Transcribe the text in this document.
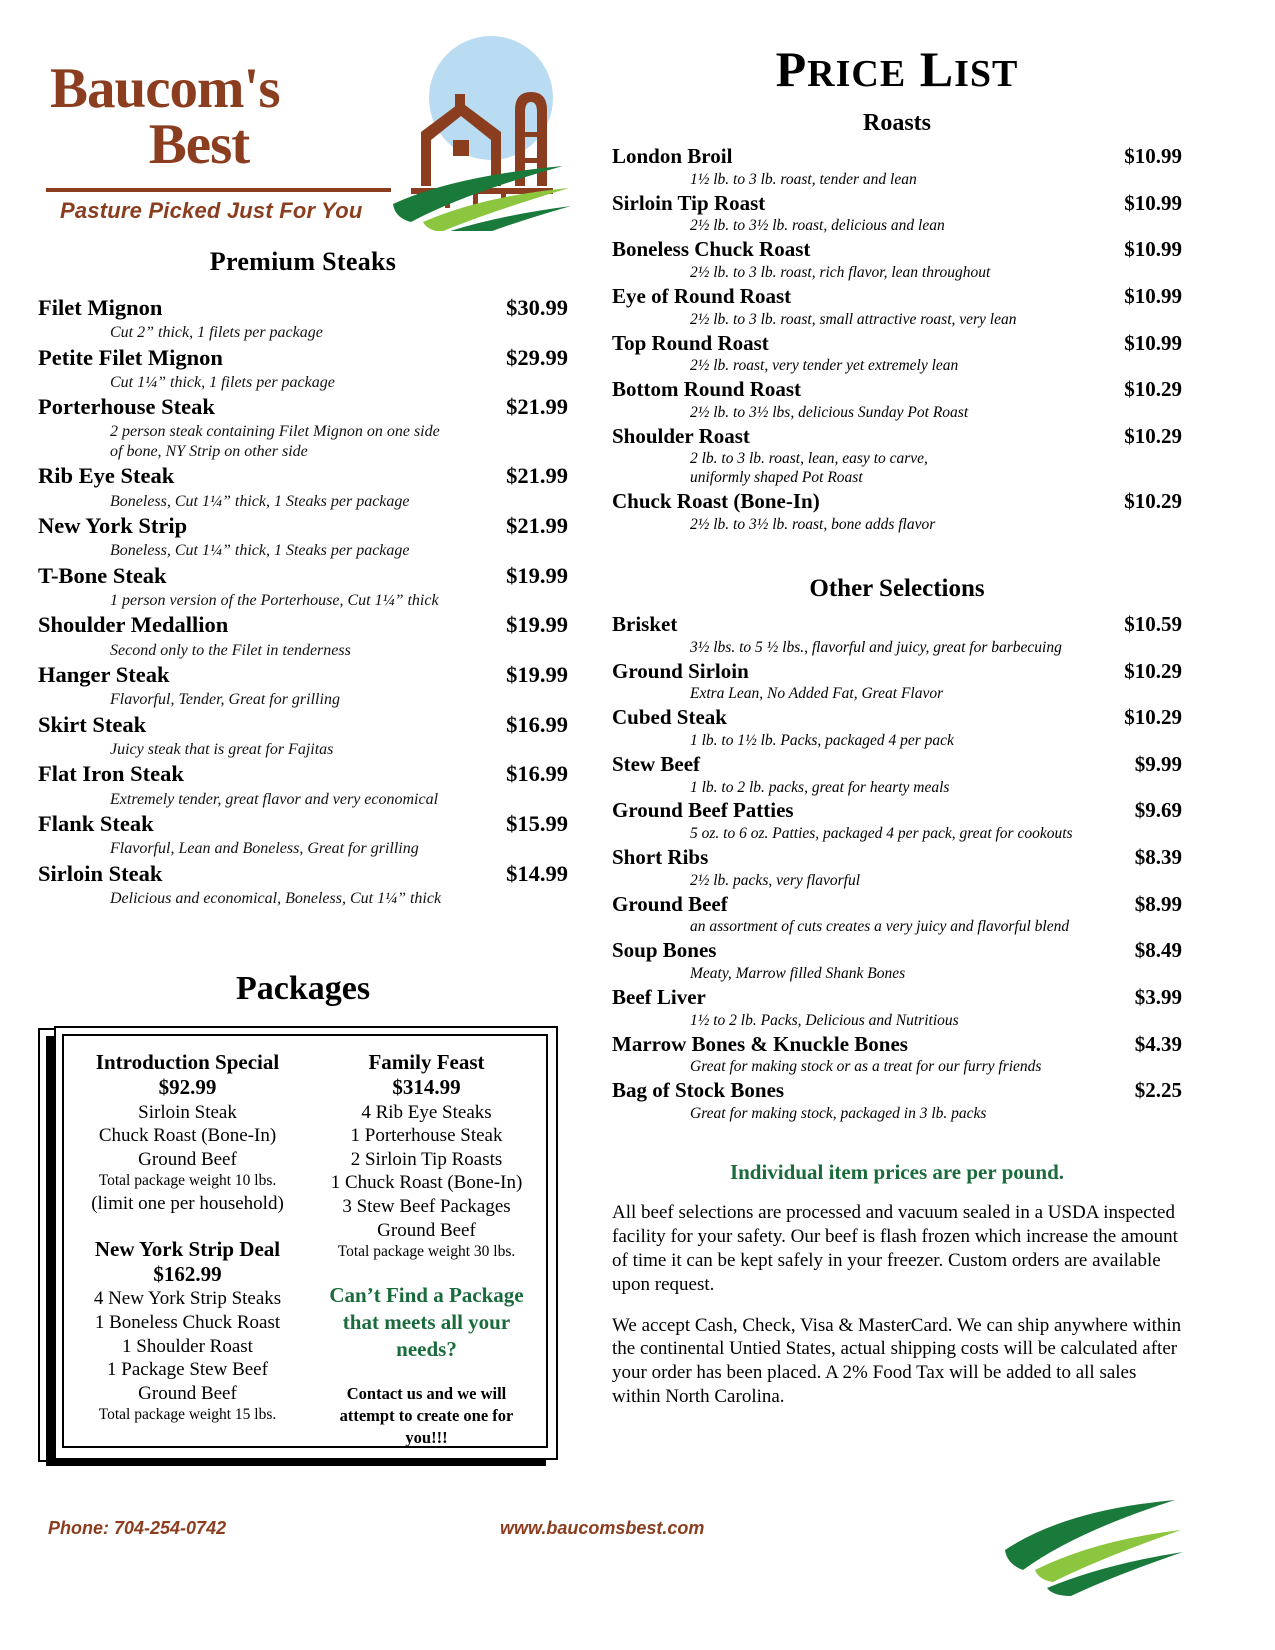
Baucom's
Best
Pasture Picked Just For You
Premium Steaks
Filet Mignon	$30.99
Cut 2” thick, 1 filets per package
Petite Filet Mignon	$29.99
Cut 1¼” thick, 1 filets per package
Porterhouse Steak	$21.99
2 person steak containing Filet Mignon on one side
of bone, NY Strip on other side
Rib Eye Steak	$21.99
Boneless, Cut 1¼” thick, 1 Steaks per package
New York Strip	$21.99
Boneless, Cut 1¼” thick, 1 Steaks per package
T-Bone Steak	$19.99
1 person version of the Porterhouse, Cut 1¼” thick
Shoulder Medallion	$19.99
Second only to the Filet in tenderness
Hanger Steak	$19.99
Flavorful, Tender, Great for grilling
Skirt Steak	$16.99
Juicy steak that is great for Fajitas
Flat Iron Steak	$16.99
Extremely tender, great flavor and very economical
Flank Steak	$15.99
Flavorful, Lean and Boneless, Great for grilling
Sirloin Steak	$14.99
Delicious and economical, Boneless, Cut 1¼” thick
Packages
Introduction Special
$92.99
Sirloin Steak
Chuck Roast (Bone-In)
Ground Beef
Total package weight 10 lbs.
(limit one per household)
New York Strip Deal
$162.99
4 New York Strip Steaks
1 Boneless Chuck Roast
1 Shoulder Roast
1 Package Stew Beef
Ground Beef
Total package weight 15 lbs.
Family Feast
$314.99
4 Rib Eye Steaks
1 Porterhouse Steak
2 Sirloin Tip Roasts
1 Chuck Roast (Bone-In)
3 Stew Beef Packages
Ground Beef
Total package weight 30 lbs.
Can’t Find a Package
that meets all your
needs?
Contact us and we will
attempt to create one for
you!!!
PRICE LIST
Roasts
London Broil	$10.99
1½ lb. to 3 lb. roast, tender and lean
Sirloin Tip Roast	$10.99
2½ lb. to 3½ lb. roast, delicious and lean
Boneless Chuck Roast	$10.99
2½ lb. to 3 lb. roast, rich flavor, lean throughout
Eye of Round Roast	$10.99
2½ lb. to 3 lb. roast, small attractive roast, very lean
Top Round Roast	$10.99
2½ lb. roast, very tender yet extremely lean
Bottom Round Roast	$10.29
2½ lb. to 3½ lbs, delicious Sunday Pot Roast
Shoulder Roast	$10.29
2 lb. to 3 lb. roast, lean, easy to carve,
uniformly shaped Pot Roast
Chuck Roast (Bone-In)	$10.29
2½ lb. to 3½ lb. roast, bone adds flavor
Other Selections
Brisket	$10.59
3½ lbs. to 5 ½ lbs., flavorful and juicy, great for barbecuing
Ground Sirloin	$10.29
Extra Lean, No Added Fat, Great Flavor
Cubed Steak	$10.29
1 lb. to 1½ lb. Packs, packaged 4 per pack
Stew Beef	$9.99
1 lb. to 2 lb. packs, great for hearty meals
Ground Beef Patties	$9.69
5 oz. to 6 oz. Patties, packaged 4 per pack, great for cookouts
Short Ribs	$8.39
2½ lb. packs, very flavorful
Ground Beef	$8.99
an assortment of cuts creates a very juicy and flavorful blend
Soup Bones	$8.49
Meaty, Marrow filled Shank Bones
Beef Liver	$3.99
1½ to 2 lb. Packs, Delicious and Nutritious
Marrow Bones & Knuckle Bones	$4.39
Great for making stock or as a treat for our furry friends
Bag of Stock Bones	$2.25
Great for making stock, packaged in 3 lb. packs
Individual item prices are per pound.
All beef selections are processed and vacuum sealed in a USDA inspected facility for your safety. Our beef is flash frozen which increase the amount of time it can be kept safely in your freezer. Custom orders are available upon request.
We accept Cash, Check, Visa & MasterCard. We can ship anywhere within the continental Untied States, actual shipping costs will be calculated after your order has been placed. A 2% Food Tax will be added to all sales within North Carolina.
Phone: 704-254-0742	www.baucomsbest.com
